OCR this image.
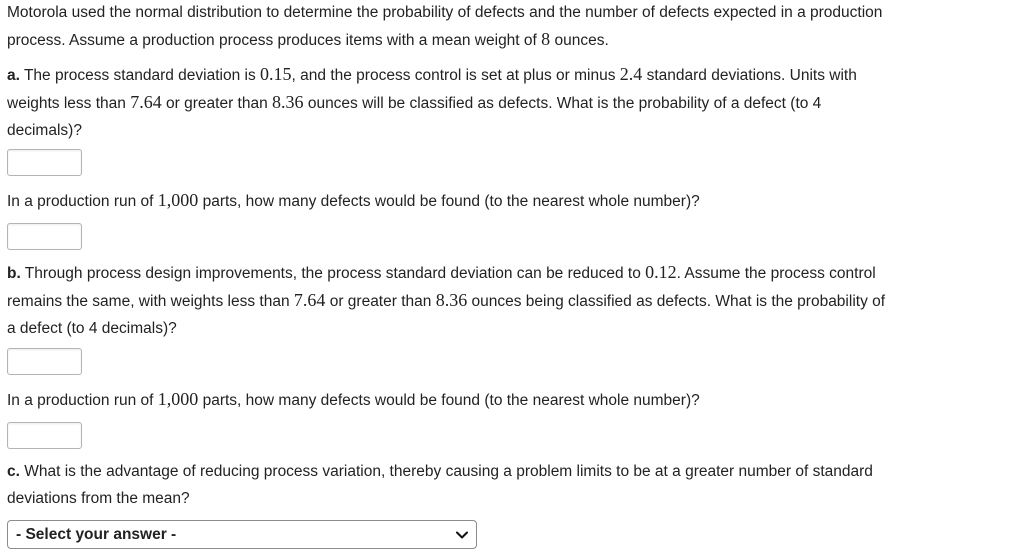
Motorola used the normal distribution to determine the probability of defects and the number of defects expected in a production
process. Assume a production process produces items with a mean weight of 8 ounces.

a. The process standard deviation is 0.15, and the process control is set at plus or minus 2.4 standard deviations. Units with
weights less than 7.64 or greater than 8.36 ounces will be classified as defects. What is the probability of a defect (to 4
decimals)?

In a production run of 1,000 parts, how many defects would be found (to the nearest whole number)?

b. Through process design improvements, the process standard deviation can be reduced to 0.12. Assume the process control
remains the same, with weights less than 7.64 or greater than 8.36 ounces being classified as defects. What is the probability of
a defect (to 4 decimals)?

In a production run of 1,000 parts, how many defects would be found (to the nearest whole number)?

c. What is the advantage of reducing process variation, thereby causing a problem limits to be at a greater number of standard
deviations from the mean?

- Select your answer -
